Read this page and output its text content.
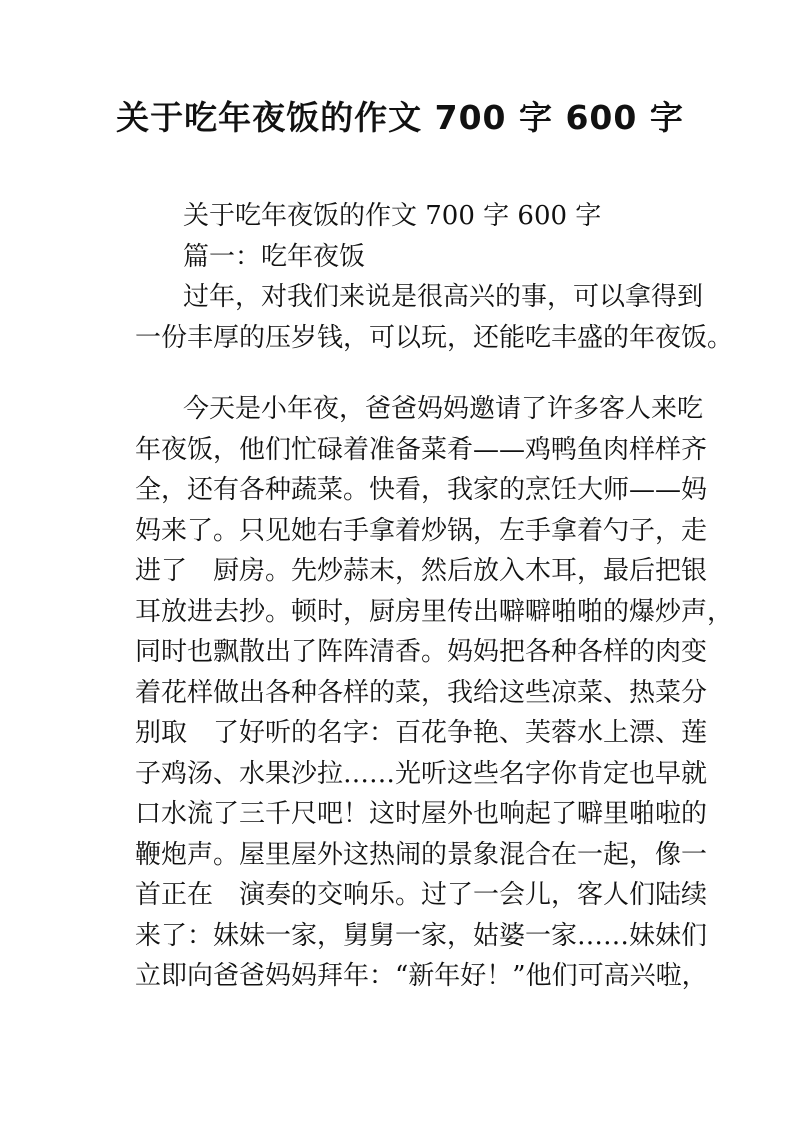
关于吃年夜饭的作文 700 字 600 字
关于吃年夜饭的作文 700 字 600 字
篇一：吃年夜饭
过年，对我们来说是很高兴的事，可以拿得到
一份丰厚的压岁钱，可以玩，还能吃丰盛的年夜饭。
今天是小年夜，爸爸妈妈邀请了许多客人来吃
年夜饭，他们忙碌着准备菜肴——鸡鸭鱼肉样样齐
全，还有各种蔬菜。快看，我家的烹饪大师——妈
妈来了。只见她右手拿着炒锅，左手拿着勺子，走
进了　厨房。先炒蒜末，然后放入木耳，最后把银
耳放进去抄。顿时，厨房里传出噼噼啪啪的爆炒声，
同时也飘散出了阵阵清香。妈妈把各种各样的肉变
着花样做出各种各样的菜，我给这些凉菜、热菜分
别取　了好听的名字：百花争艳、芙蓉水上漂、莲
子鸡汤、水果沙拉……光听这些名字你肯定也早就
口水流了三千尺吧！这时屋外也响起了噼里啪啦的
鞭炮声。屋里屋外这热闹的景象混合在一起，像一
首正在　演奏的交响乐。过了一会儿，客人们陆续
来了：妹妹一家，舅舅一家，姑婆一家……妹妹们
立即向爸爸妈妈拜年：“新年好！”他们可高兴啦，
